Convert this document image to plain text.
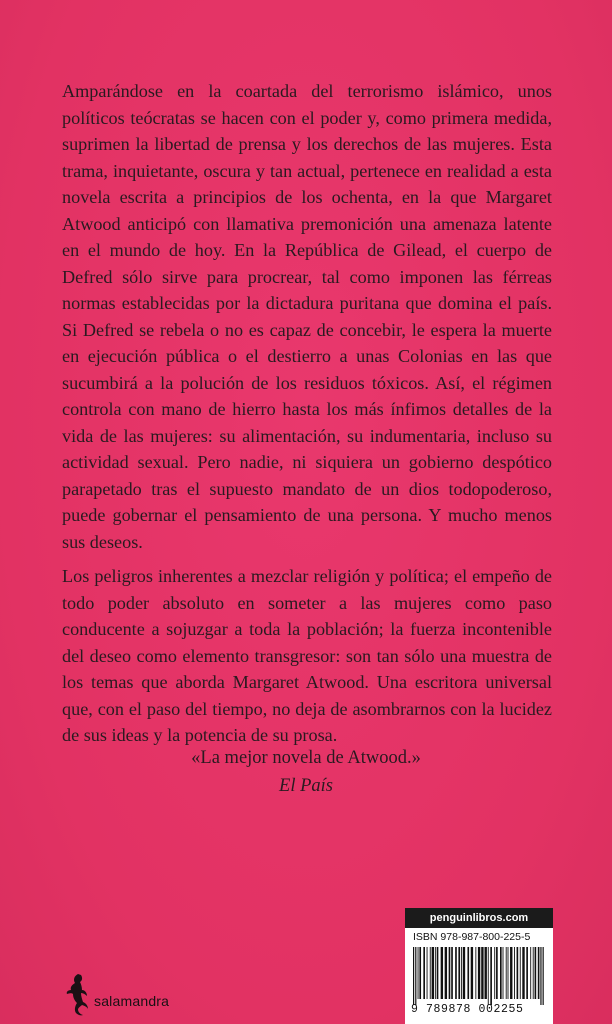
Amparándose en la coartada del terrorismo islámico, unos políticos teócratas se hacen con el poder y, como primera medida, suprimen la libertad de prensa y los derechos de las mujeres. Esta trama, inquietante, oscura y tan actual, pertenece en realidad a esta novela escrita a principios de los ochenta, en la que Margaret Atwood anticipó con llamativa premonición una amenaza latente en el mundo de hoy. En la República de Gilead, el cuerpo de Defred sólo sirve para procrear, tal como imponen las férreas normas establecidas por la dictadura puritana que domina el país. Si Defred se rebela o no es capaz de concebir, le espera la muerte en ejecución pública o el destierro a unas Colonias en las que sucumbirá a la polución de los residuos tóxicos. Así, el régimen controla con mano de hierro hasta los más ínfimos detalles de la vida de las mujeres: su alimentación, su indumentaria, incluso su actividad sexual. Pero nadie, ni siquiera un gobierno despótico parapetado tras el supuesto mandato de un dios todopoderoso, puede gobernar el pensamiento de una persona. Y mucho menos sus deseos.

Los peligros inherentes a mezclar religión y política; el empeño de todo poder absoluto en someter a las mujeres como paso conducente a sojuzgar a toda la población; la fuerza incontenible del deseo como elemento transgresor: son tan sólo una muestra de los temas que aborda Margaret Atwood. Una escritora universal que, con el paso del tiempo, no deja de asombrarnos con la lucidez de sus ideas y la potencia de su prosa.

«La mejor novela de Atwood.»
El País
salamandra
penguinlibros.com
ISBN 978-987-800-225-5
9 789878 002255
